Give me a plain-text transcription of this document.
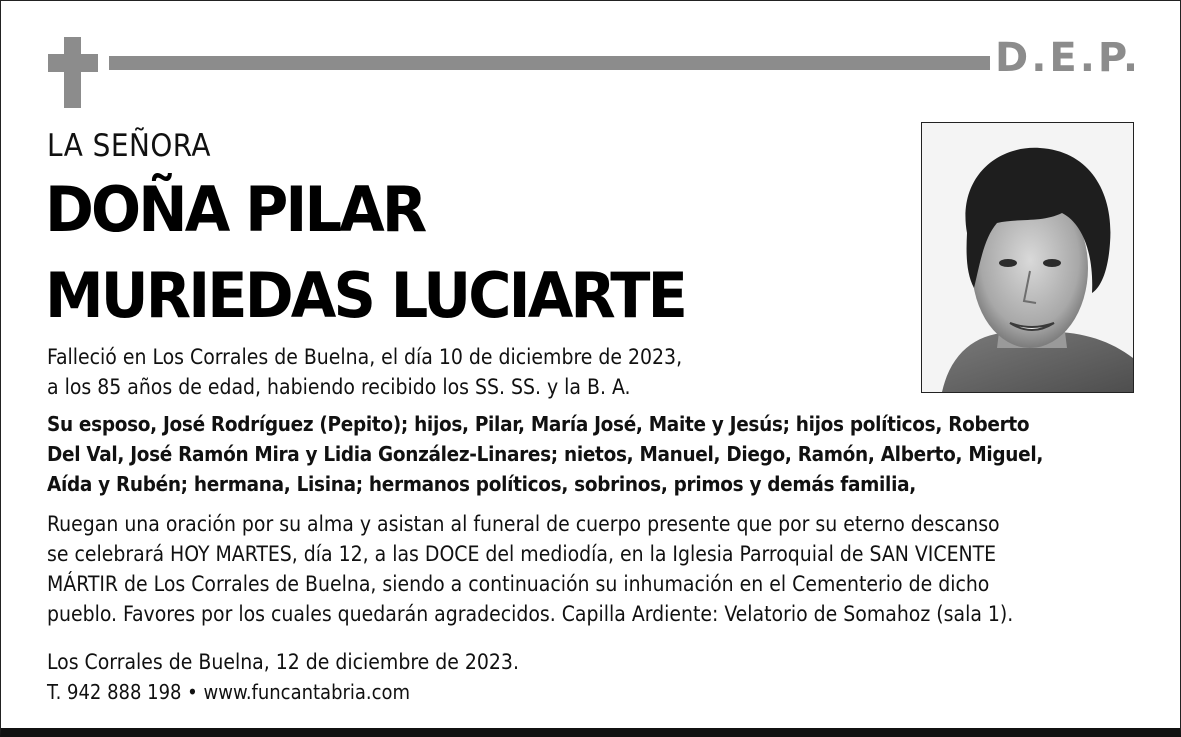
D.E.P.
LA SEÑORA
DOÑA PILAR
MURIEDAS LUCIARTE
Falleció en Los Corrales de Buelna, el día 10 de diciembre de 2023,
a los 85 años de edad, habiendo recibido los SS. SS. y la B. A.
Su esposo, José Rodríguez (Pepito); hijos, Pilar, María José, Maite y Jesús; hijos políticos, Roberto
Del Val, José Ramón Mira y Lidia González-Linares; nietos, Manuel, Diego, Ramón, Alberto, Miguel,
Aída y Rubén; hermana, Lisina; hermanos políticos, sobrinos, primos y demás familia,
Ruegan una oración por su alma y asistan al funeral de cuerpo presente que por su eterno descanso
se celebrará HOY MARTES, día 12, a las DOCE del mediodía, en la Iglesia Parroquial de SAN VICENTE
MÁRTIR de Los Corrales de Buelna, siendo a continuación su inhumación en el Cementerio de dicho
pueblo. Favores por los cuales quedarán agradecidos. Capilla Ardiente: Velatorio de Somahoz (sala 1).
Los Corrales de Buelna, 12 de diciembre de 2023.
T. 942 888 198 • www.funcantabria.com
